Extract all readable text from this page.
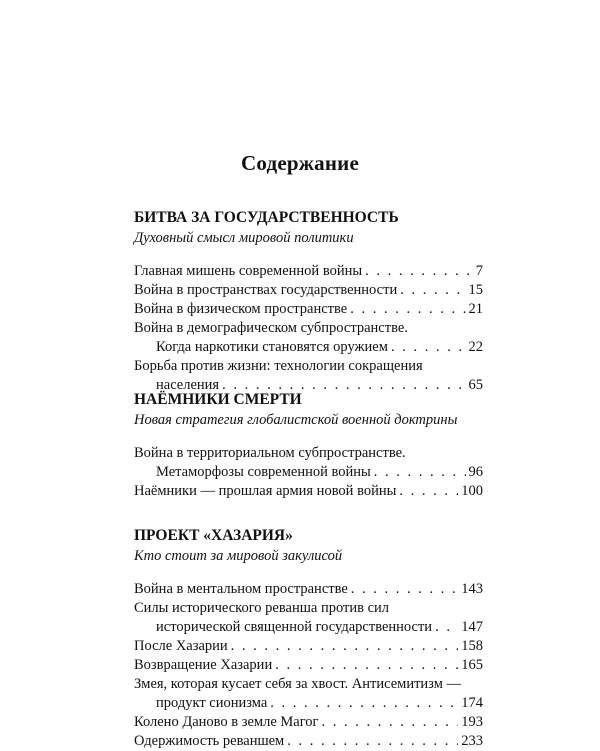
Содержание
БИТВА ЗА ГОСУДАРСТВЕННОСТЬ
Духовный смысл мировой политики
Главная мишень современной войны . . .	7
Война в пространствах государственности . . .	15
Война в физическом пространстве . . .	21
Война в демографическом субпространстве.
Когда наркотики становятся оружием . . .	22
Борьба против жизни: технологии сокращения
населения . . .	65
НАЁМНИКИ СМЕРТИ
Новая стратегия глобалистской военной доктрины
Война в территориальном субпространстве.
Метаморфозы современной войны . . .	96
Наёмники — прошлая армия новой войны . . .	100
ПРОЕКТ «ХАЗАРИЯ»
Кто стоит за мировой закулисой
Война в ментальном пространстве . . .	143
Силы исторического реванша против сил
исторической священной государственности . . . 147
После Хазарии . . .	158
Возвращение Хазарии . . .	165
Змея, которая кусает себя за хвост. Антисемитизм —
продукт сионизма . . .	174
Колено Даново в земле Магог . . .	193
Одержимость реваншем . . .	233
